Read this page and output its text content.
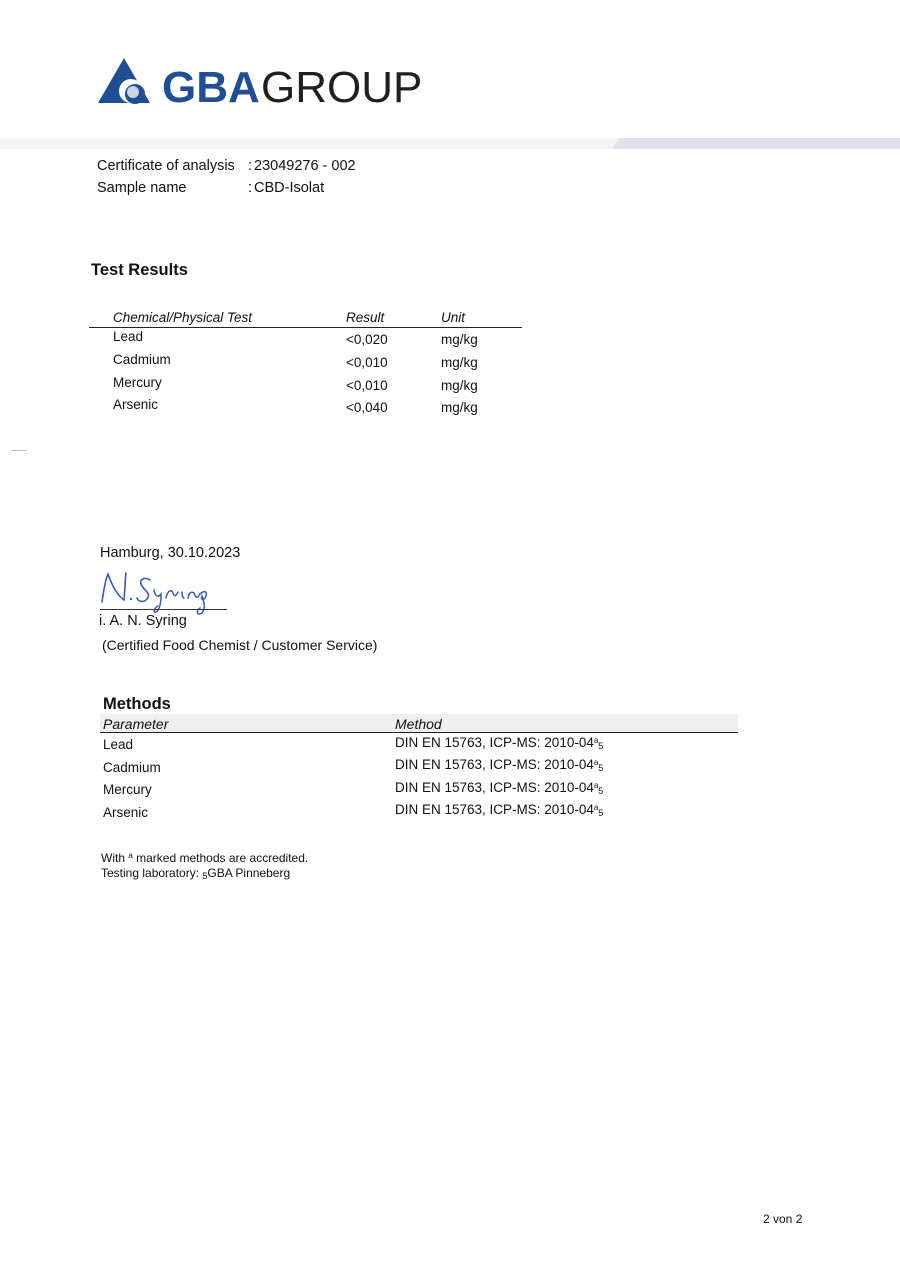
GBA GROUP
Certificate of analysis : 23049276 - 002
Sample name	: CBD-Isolat
Test Results
Chemical/Physical Test	Result	Unit
Lead	<0,020	mg/kg
Cadmium	<0,010	mg/kg
Mercury	<0,010	mg/kg
Arsenic	<0,040	mg/kg
Hamburg, 30.10.2023
i. A. N. Syring
(Certified Food Chemist / Customer Service)
Methods
Parameter	Method
Lead	DIN EN 15763, ICP-MS: $2010-04^a_5$
Cadmium	DIN EN 15763, ICP-MS: $2010-04^a_5$
Mercury	DIN EN 15763, ICP-MS: $2010-04^a_5$
Arsenic	DIN EN 15763, ICP-MS: $2010-04^a_5$
With $^a$ marked methods are accredited.
Testing laboratory: $_5$GBA Pinneberg
2 von 2
